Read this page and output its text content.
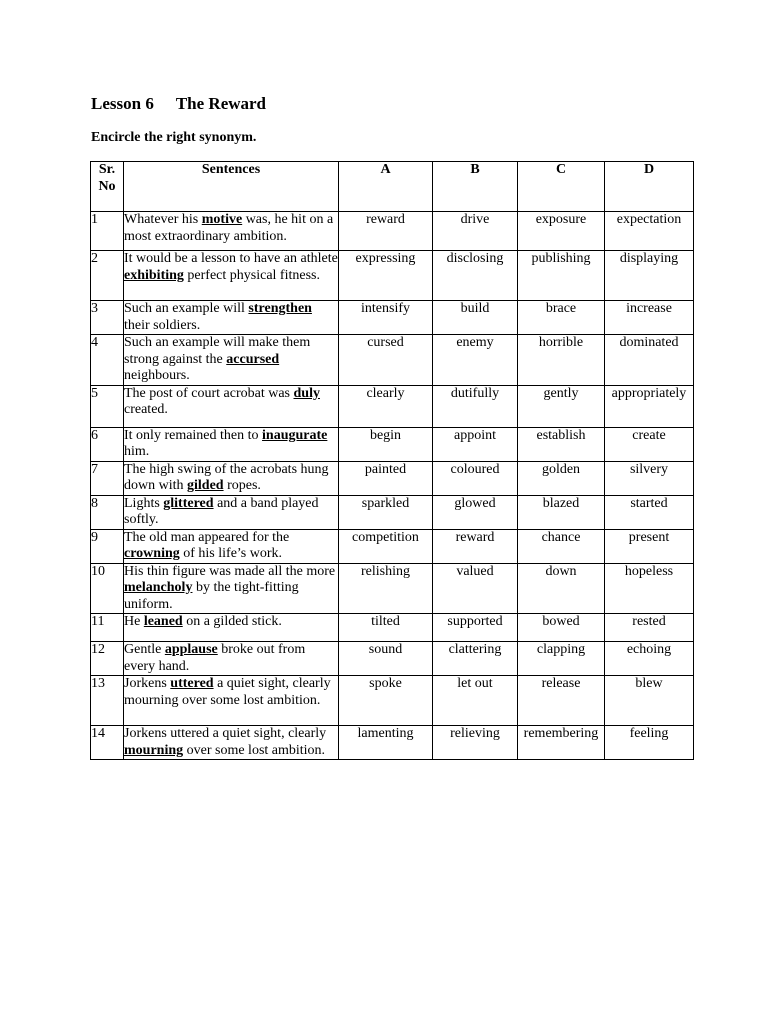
Lesson 6 The Reward

Encircle the right synonym.

Sr. No	Sentences	A	B	C	D
1	Whatever his motive was, he hit on a most extraordinary ambition.	reward	drive	exposure	expectation
2	It would be a lesson to have an athlete exhibiting perfect physical fitness.	expressing	disclosing	publishing	displaying
3	Such an example will strengthen their soldiers.	intensify	build	brace	increase
4	Such an example will make them strong against the accursed neighbours.	cursed	enemy	horrible	dominated
5	The post of court acrobat was duly created.	clearly	dutifully	gently	appropriately
6	It only remained then to inaugurate him.	begin	appoint	establish	create
7	The high swing of the acrobats hung down with gilded ropes.	painted	coloured	golden	silvery
8	Lights glittered and a band played softly.	sparkled	glowed	blazed	started
9	The old man appeared for the crowning of his life’s work.	competition	reward	chance	present
10	His thin figure was made all the more melancholy by the tight-fitting uniform.	relishing	valued	down	hopeless
11	He leaned on a gilded stick.	tilted	supported	bowed	rested
12	Gentle applause broke out from every hand.	sound	clattering	clapping	echoing
13	Jorkens uttered a quiet sight, clearly mourning over some lost ambition.	spoke	let out	release	blew
14	Jorkens uttered a quiet sight, clearly mourning over some lost ambition.	lamenting	relieving	remembering	feeling
